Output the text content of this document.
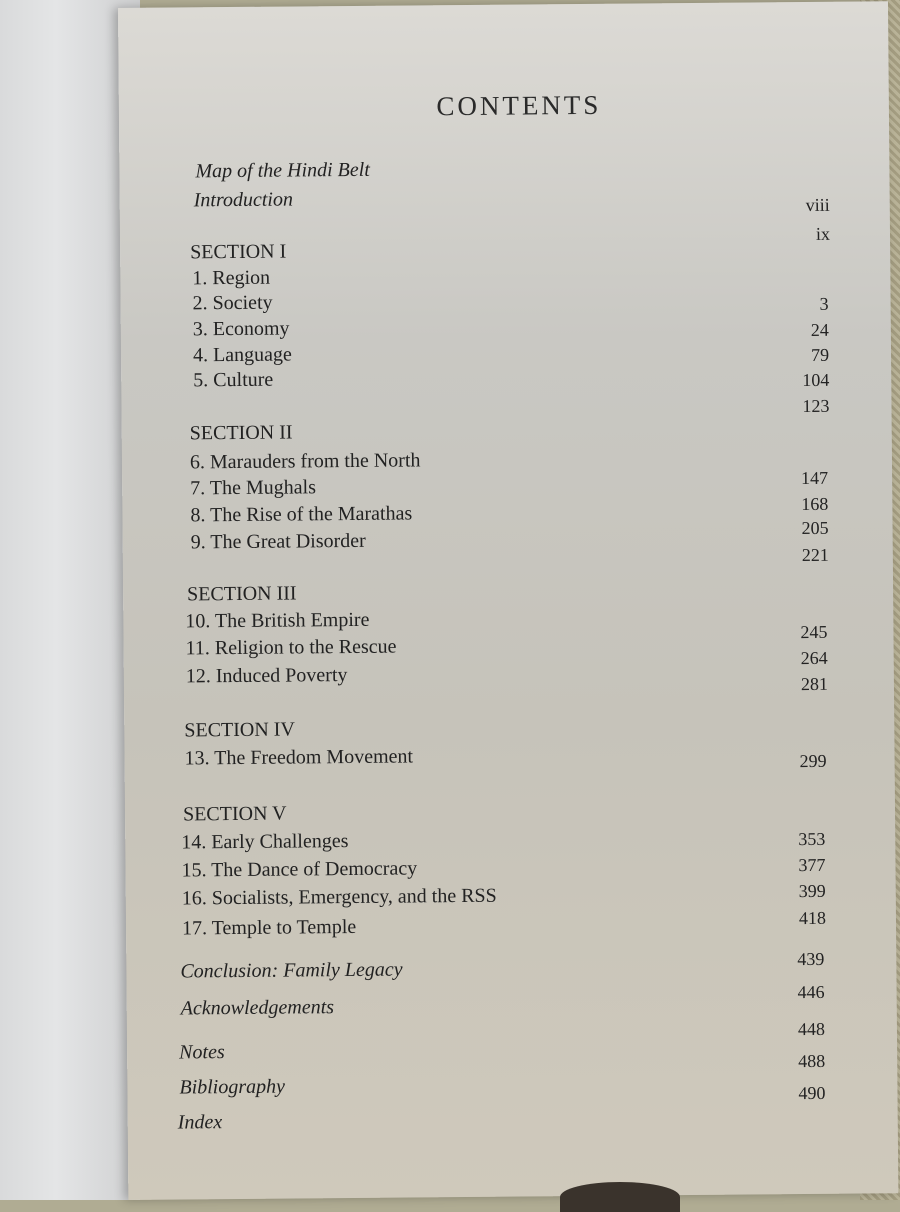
CONTENTS
Map of the Hindi Belt
Introduction
SECTION I
1. Region
2. Society
3. Economy
4. Language
5. Culture
SECTION II
6. Marauders from the North
7. The Mughals
8. The Rise of the Marathas
9. The Great Disorder
SECTION III
10. The British Empire
11. Religion to the Rescue
12. Induced Poverty
SECTION IV
13. The Freedom Movement
SECTION V
14. Early Challenges
15. The Dance of Democracy
16. Socialists, Emergency, and the RSS
17. Temple to Temple
Conclusion: Family Legacy
Acknowledgements
Notes
Bibliography
Index
viii
ix
3
24
79
104
123
147
168
205
221
245
264
281
299
353
377
399
418
439
446
448
488
490
